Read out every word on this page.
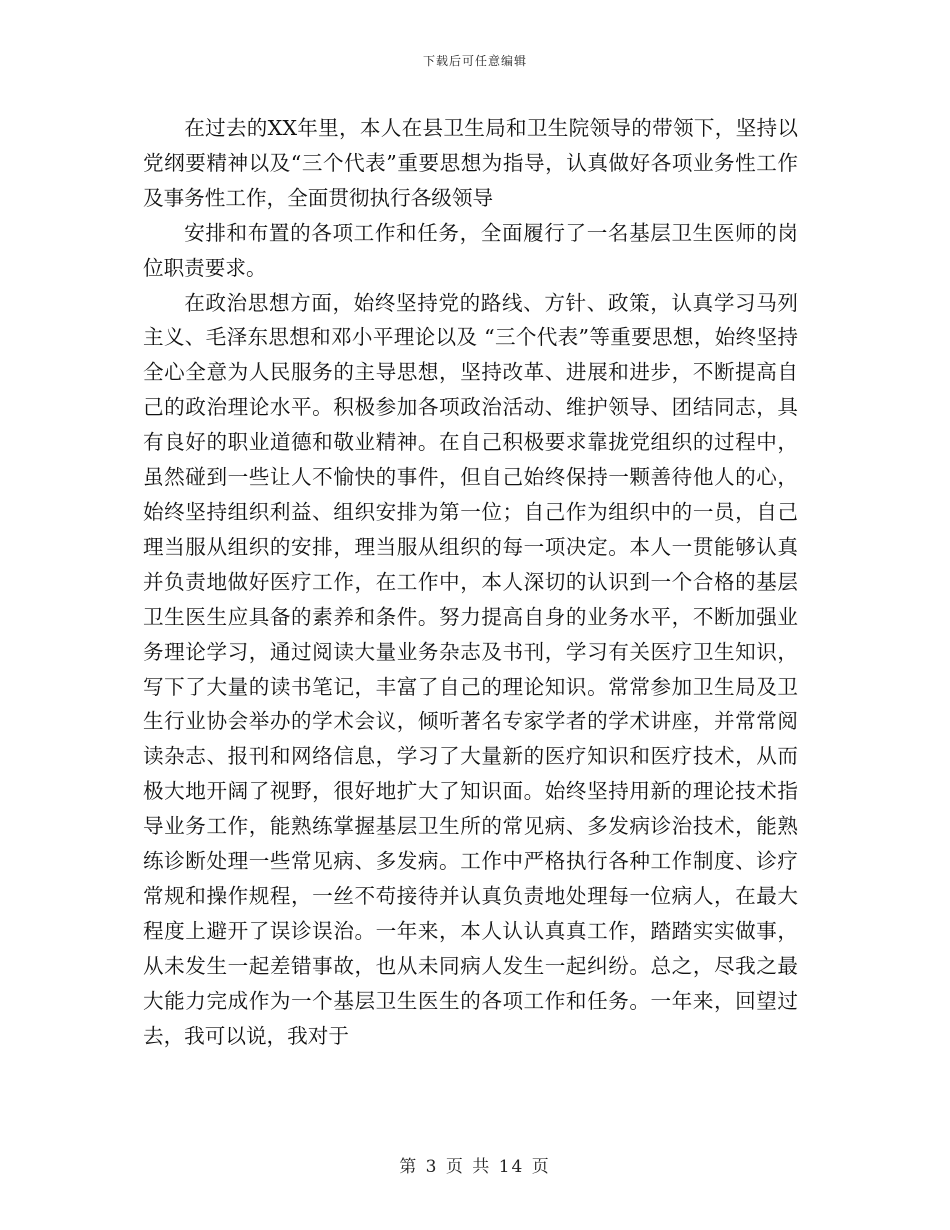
下载后可任意编辑

在过去的XX年里，本人在县卫生局和卫生院领导的带领下，坚持以党纲要精神以及“三个代表”重要思想为指导，认真做好各项业务性工作及事务性工作，全面贯彻执行各级领导

安排和布置的各项工作和任务，全面履行了一名基层卫生医师的岗位职责要求。

在政治思想方面，始终坚持党的路线、方针、政策，认真学习马列主义、毛泽东思想和邓小平理论以及 “三个代表”等重要思想，始终坚持全心全意为人民服务的主导思想，坚持改革、进展和进步，不断提高自己的政治理论水平。积极参加各项政治活动、维护领导、团结同志，具有良好的职业道德和敬业精神。在自己积极要求靠拢党组织的过程中，虽然碰到一些让人不愉快的事件，但自己始终保持一颗善待他人的心，始终坚持组织利益、组织安排为第一位；自己作为组织中的一员，自己理当服从组织的安排，理当服从组织的每一项决定。本人一贯能够认真并负责地做好医疗工作，在工作中，本人深切的认识到一个合格的基层卫生医生应具备的素养和条件。努力提高自身的业务水平，不断加强业务理论学习，通过阅读大量业务杂志及书刊，学习有关医疗卫生知识，写下了大量的读书笔记，丰富了自己的理论知识。常常参加卫生局及卫生行业协会举办的学术会议，倾听著名专家学者的学术讲座，并常常阅读杂志、报刊和网络信息，学习了大量新的医疗知识和医疗技术，从而极大地开阔了视野，很好地扩大了知识面。始终坚持用新的理论技术指导业务工作，能熟练掌握基层卫生所的常见病、多发病诊治技术，能熟练诊断处理一些常见病、多发病。工作中严格执行各种工作制度、诊疗常规和操作规程，一丝不苟接待并认真负责地处理每一位病人，在最大程度上避开了误诊误治。一年来，本人认认真真工作，踏踏实实做事，从未发生一起差错事故，也从未同病人发生一起纠纷。总之，尽我之最大能力完成作为一个基层卫生医生的各项工作和任务。一年来，回望过去，我可以说，我对于

第 3 页 共 14 页
